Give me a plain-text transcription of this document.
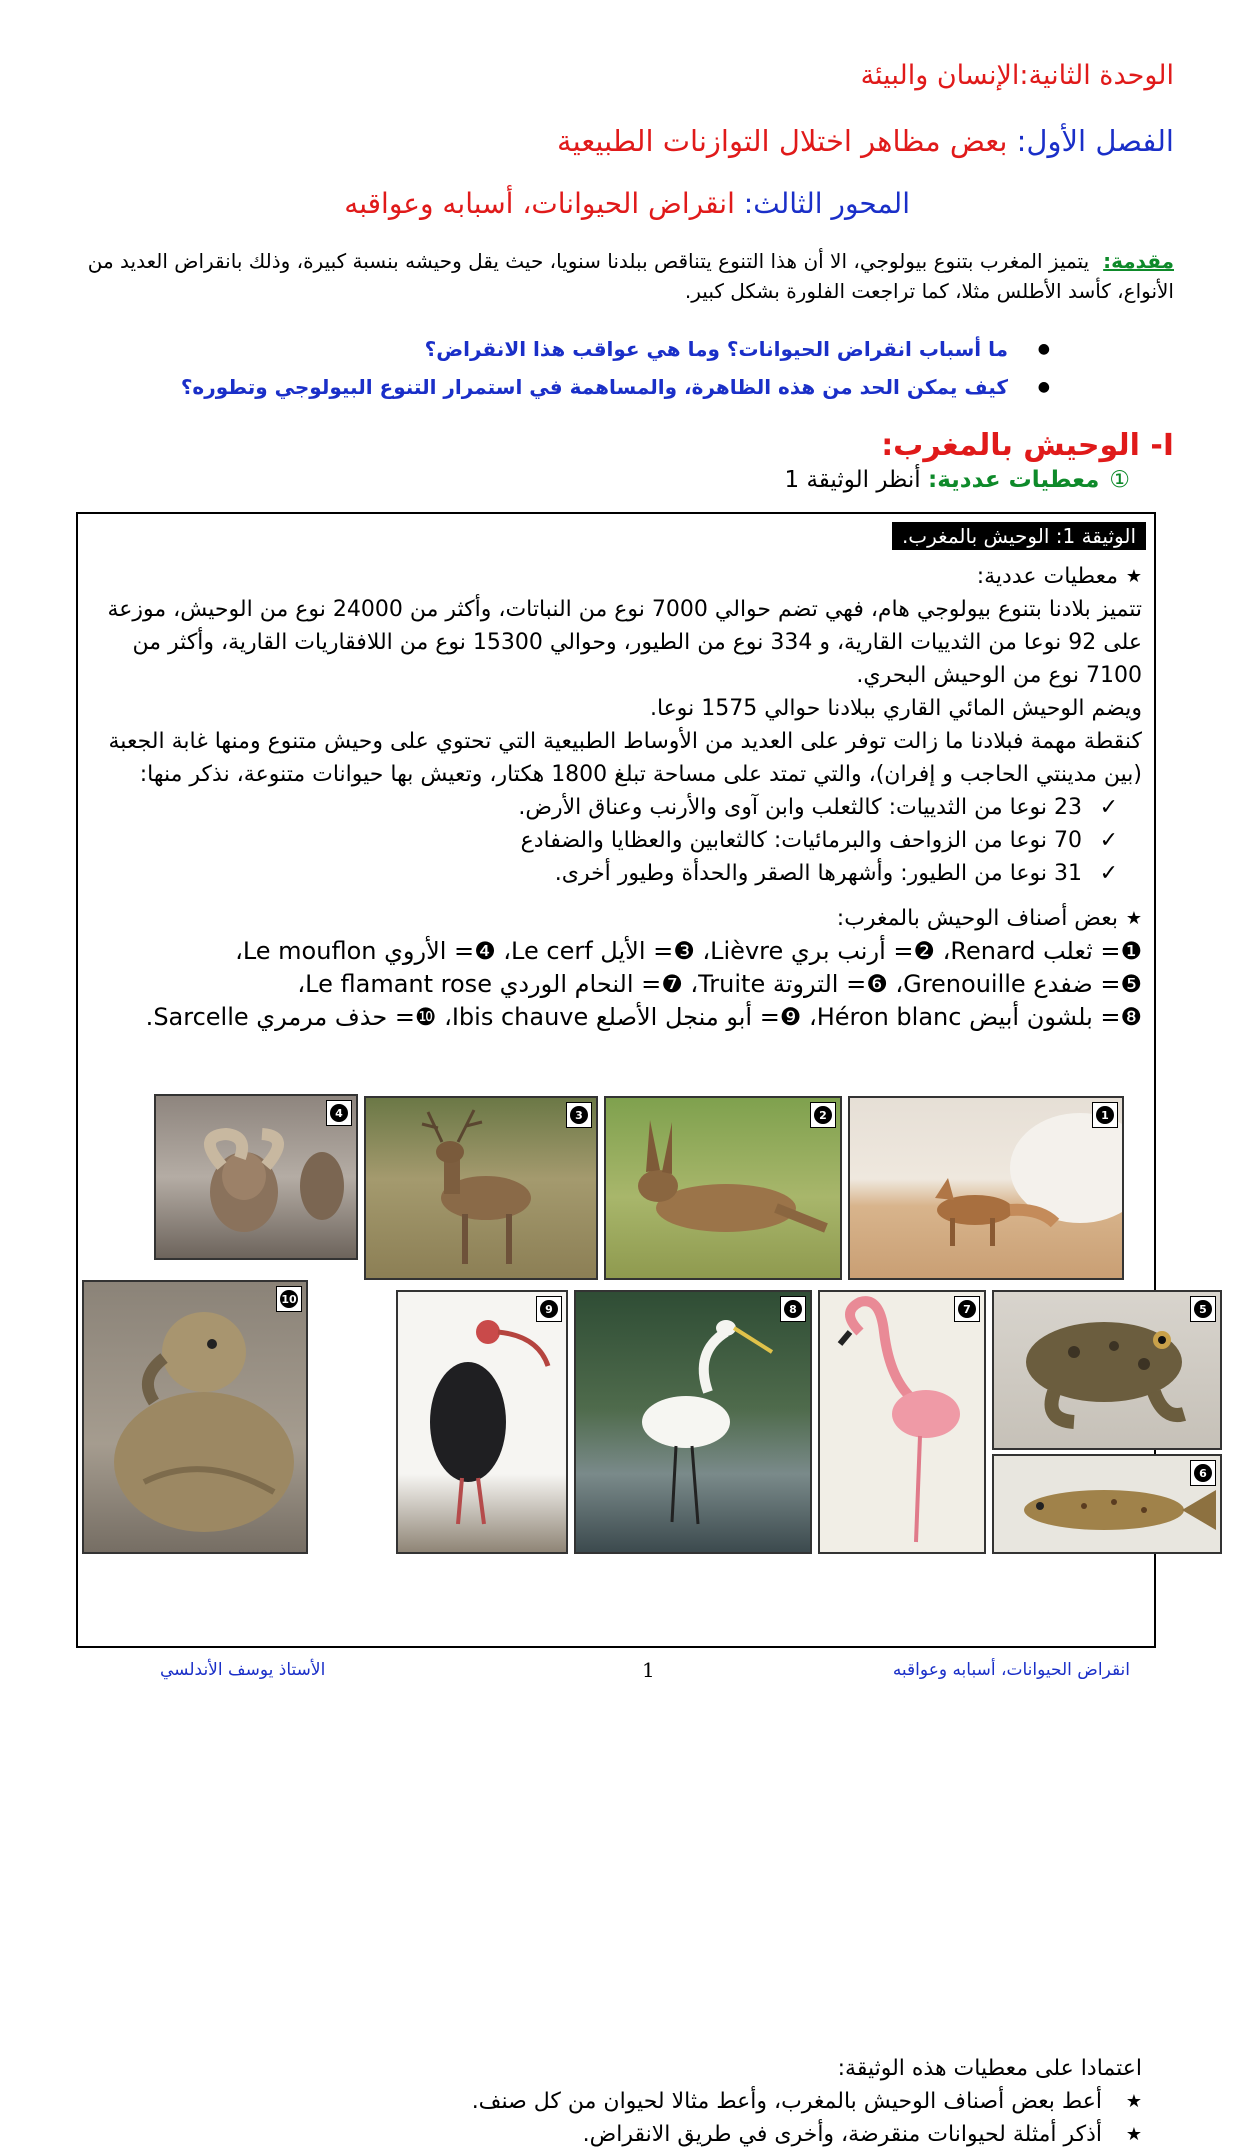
الوحدة الثانية:الإنسان والبيئة
الفصل الأول: بعض مظاهر اختلال التوازنات الطبيعية
المحور الثالث: انقراض الحيوانات، أسبابه وعواقبه
مقدمة:يتميز المغرب بتنوع بيولوجي، الا أن هذا التنوع يتناقص ببلدنا سنويا، حيث يقل وحيشه بنسبة كبيرة، وذلك بانقراض العديد من الأنواع، كأسد الأطلس مثلا، كما تراجعت الفلورة بشكل كبير.
● ما أسباب انقراض الحيوانات؟ وما هي عواقب هذا الانقراض؟
● كيف يمكن الحد من هذه الظاهرة، والمساهمة في استمرار التنوع البيولوجي وتطوره؟
I- الوحيش بالمغرب:
①معطيات عددية: أنظر الوثيقة 1
الوثيقة 1: الوحيش بالمغرب.

★ معطيات عددية:

تتميز بلادنا بتنوع بيولوجي هام، فهي تضم حوالي 7000 نوع من النباتات، وأكثر من 24000 نوع من الوحيش، موزعة على 92 نوعا من الثدييات القارية، و 334 نوع من الطيور، وحوالي 15300 نوع من اللافقاريات القارية، وأكثر من 7100 نوع من الوحيش البحري.

ويضم الوحيش المائي القاري ببلادنا حوالي 1575 نوعا.

كنقطة مهمة فبلادنا ما زالت توفر على العديد من الأوساط الطبيعية التي تحتوي على وحيش متنوع ومنها غابة الجعبة (بين مدينتي الحاجب و إفران)، والتي تمتد على مساحة تبلغ 1800 هكتار، وتعيش بها حيوانات متنوعة، نذكر منها:

✓ 23 نوعا من الثدييات: كالثعلب وابن آوى والأرنب وعناق الأرض.

✓ 70 نوعا من الزواحف والبرمائيات: كالثعابين والعظايا والضفادع

✓ 31 نوعا من الطيور: وأشهرها الصقر والحدأة وطيور أخرى.

★ بعض أصناف الوحيش بالمغرب:

❶= ثعلب Renard، ❷= أرنب بري Lièvre، ❸= الأيل Le cerf، ❹= الأروي Le mouflon،

❺= ضفدع Grenouille، ❻= التروتة Truite، ❼= النحام الوردي Le flamant rose،

❽= بلشون أبيض Héron blanc، ❾= أبو منجل الأصلع Ibis chauve، ❿= حذف مرمري Sarcelle.

1
2
3
4
5
6
7
8
9
10

اعتمادا على معطيات هذه الوثيقة:

★ أعط بعض أصناف الوحيش بالمغرب، وأعط مثالا لحيوان من كل صنف.

★ أذكر أمثلة لحيوانات منقرضة، وأخرى في طريق الانقراض.

الأستاذ يوسف الأندلسي	1	انقراض الحيوانات، أسبابه وعواقبه
